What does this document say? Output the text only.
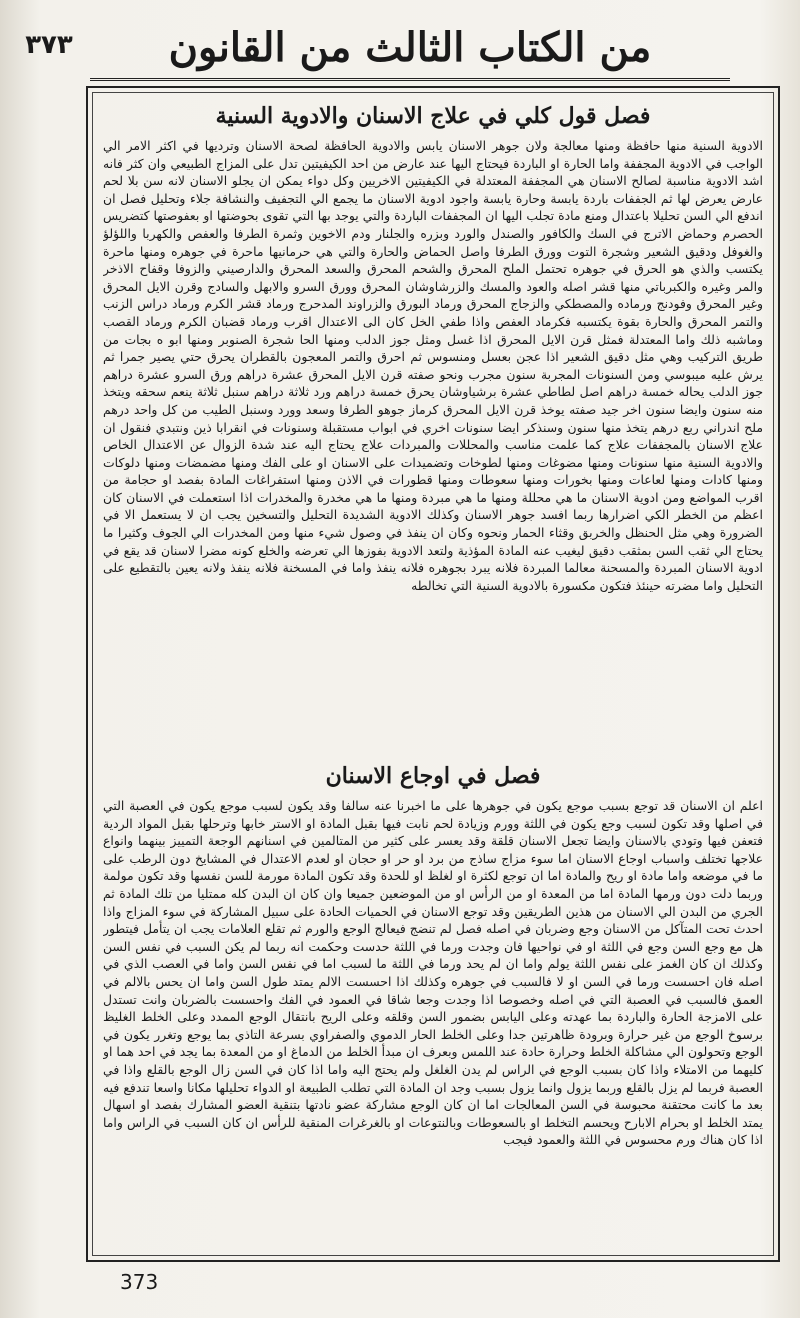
٣٧٣	من الكتاب الثالث من القانون
فصل قول كلي في علاج الاسنان والادوية السنية

الادوية السنية منها حافظة ومنها معالجة ولان جوهر الاسنان يابس والادوية الحافظة لصحة الاسنان وترديها في اكثر الامر الي الواجب في الادوية المجففة واما الحارة او الباردة فيحتاج اليها عند عارض من احد الكيفيتين تدل على المزاج الطبيعي وان كثر فانه اشد الادوية مناسبة لصالح الاسنان هي المجففة المعتدلة في الكيفيتين الاخريين وكل دواء يمكن ان يجلو الاسنان لانه سن بلا لحم عارض يعرض لها ثم الجففات باردة يابسة وحارة يابسة واجود ادوية الاسنان ما يجمع الي التجفيف والنشافة جلاء وتحليل فصل ان اندفع الي السن تحليلا باعتدال ومنع مادة تجلب اليها ان المجففات الباردة والتي يوجد بها التي تقوى بحوضتها او بعفوصتها كتضريس الحصرم وحماض الاترج في السك والكافور والصندل والورد وبزره والجلنار ودم الاخوين وثمرة الطرفا والعفص والكهربا واللؤلؤ والغوفل ودقيق الشعير وشجرة التوت وورق الطرفا واصل الحماض والحارة والتي هي حرمانيها ماحرة في جوهره ومنها ماحرة يكتسب والذي هو الحرق في جوهره تحتمل الملح المحرق والشحم المحرق والسعد المحرق والدارصيني والزوفا وقفاح الاذخر والمر وغيره والكبرباتي منها قشر اصله والعود والمسك والزرشاوشان المحرق وورق السرو والابهل والسادج وقرن الايل المحرق وغير المحرق وفودنج ورماده والمصطكي والزجاج المحرق ورماد البورق والزراوند المدحرج ورماد قشر الكرم ورماد دراس الزنب والتمر المحرق والحارة بقوة يكتسبه فكرماد العفص واذا طفي الخل كان الى الاعتدال اقرب ورماد قضبان الكرم ورماد القصب وماشبه ذلك واما المعتدلة فمثل قرن الايل المحرق اذا غسل ومثل جوز الدلب ومنها الحا شجرة الصنوبر ومنها ابو ه بجات من طريق التركيب وهي مثل دقيق الشعير اذا عجن بعسل ومنسوس ثم احرق والتمر المعجون بالقطران يحرق حتي يصير جمرا ثم يرش عليه ميبوسي ومن السنونات المجربة سنون مجرب ونحو صفته قرن الايل المحرق عشرة دراهم ورق السرو عشرة دراهم جوز الدلب يحاله خمسة دراهم اصل لطاطي عشرة برشياوشان يحرق خمسة دراهم ورد ثلاثة دراهم سنبل ثلاثة ينعم سحقه ويتخذ منه سنون وايضا سنون اخر جيد صفته يوخذ قرن الايل المحرق كرماز جوهو الطرفا وسعد وورد وسنبل الطيب من كل واحد درهم ملح اندراني ربع درهم يتخذ منها سنون وسنذكر ايضا سنونات اخري في ابواب مستقبلة وسنونات في انقرابا ذين ونتبدي فنقول ان علاج الاسنان بالمجففات علاج كما علمت مناسب والمحللات والمبردات علاج يحتاج اليه عند شدة الزوال عن الاعتدال الخاص والادوية السنية منها سنونات ومنها مضوغات ومنها لطوخات وتضميدات على الاسنان او على الفك ومنها مضمضات ومنها دلوكات ومنها كادات ومنها لعاعات ومنها بخورات ومنها سعوطات ومنها قطورات في الاذن ومنها استفراغات المادة بفصد او حجامة من اقرب المواضع ومن ادوية الاسنان ما هي محللة ومنها ما هي مبردة ومنها ما هي مخدرة والمخدرات اذا استعملت في الاسنان كان اعظم من الخطر الكي اضرارها ربما افسد جوهر الاسنان وكذلك الادوية الشديدة التحليل والتسخين يجب ان لا يستعمل الا في الضرورة وهي مثل الحنظل والخربق وقثاء الحمار ونحوه وكان ان ينفذ في وصول شيء منها ومن المخدرات الي الجوف وكثيرا ما يحتاج الي ثقب السن بمثقب دقيق ليغيب عنه المادة المؤذية ولتعد الادوية بفوزها الي تعرضه والخلع كونه مضرا لاسنان قد يقع في ادوية الاسنان المبردة والمسحنة معالما المبردة فلانه يبرد بجوهره فلانه ينفذ واما في المسخنة فلانه ينفذ ولانه يعين بالتقطيع على التحليل واما مضرته حينئذ فتكون مكسورة بالادوية السنية التي تخالطه

فصل في اوجاع الاسنان

اعلم ان الاسنان قد توجع بسبب موجع يكون في جوهرها على ما اخبرنا عنه سالفا وقد يكون لسبب موجع يكون في العصبة التي في اصلها وقد تكون لسبب وجع يكون في اللثة وورم وزيادة لحم نابت فيها بقبل المادة او الاستر خابها وترحلها بقبل المواد الردية فتعفن فيها وتودي بالاسنان وايضا تجعل الاسنان قلقة وقد يعسر على كثير من المتالمين في اسنانهم الوجعة التمييز بينهما وانواع علاجها تختلف واسباب اوجاع الاسنان اما سوء مزاج ساذج من برد او حر او حجان او لعدم الاعتدال في المشايخ دون الرطب على ما في موضعه واما مادة او ريح والمادة اما ان توجع لكثرة او لغلظ او للحدة وقد تكون المادة مورمة للسن نفسها وقد تكون مولمة وربما دلت دون ورمها المادة اما من المعدة او من الرأس او من الموضعين جميعا وان كان ان البدن كله ممتليا من تلك المادة ثم الجري من البدن الي الاسنان من هذين الطريقين وقد توجع الاسنان في الحميات الحادة على سبيل المشاركة في سوء المزاج واذا احدث تحت المتآكل من الاسنان وجع وضربان في اصله فصل لم تنضج فيعالج الوجع والورم ثم تقلع العلامات يجب ان يتأمل فيتطور هل مع وجع السن وجع في اللثة او في نواحيها فان وجدت ورما في اللثة حدست وحكمت انه ربما لم يكن السبب في نفس السن وكذلك ان كان الغمز على نفس اللثة يولم واما ان لم يحد ورما في اللثة ما لسبب اما في نفس السن واما في العصب الذي في اصله فان احسست ورما في السن او لا فالسبب في جوهره وكذلك اذا احسست الالم يمتد طول السن واما ان يحس بالالم في العمق فالسبب في العصبة التي في اصله وخصوصا اذا وجدت وجعا شاقا في العمود في الفك واحسست بالضربان وانت تستدل على الامزجة الحارة والباردة بما عهدته وعلى اليابس بضمور السن وقلقه وعلى الريح بانتقال الوجع الممدد وعلى الخلط الغليظ برسوخ الوجع من غير حرارة وبرودة ظاهرتين جدا وعلى الخلط الحار الدموي والصفراوي بسرعة التاذي بما يوجع وتغرر يكون في الوجع وتحولون الي مشاكلة الخلط وحرارة حادة عند اللمس وبعرف ان مبدأ الخلط من الدماغ او من المعدة بما يجد في احد هما او كليهما من الامتلاء واذا كان بسبب الوجع في الراس لم يدن الغلغل ولم يحتج اليه واما اذا كان في السن زال الوجع بالقلع واذا في العصبة فربما لم يزل بالقلع وربما يزول وانما يزول بسبب وجد ان المادة التي تطلب الطبيعة او الدواء تحليلها مكانا واسعا تندفع فيه بعد ما كانت محتقنة محبوسة في السن المعالجات اما ان كان الوجع مشاركة عضو نادتها بتنقية العضو المشارك بفصد او اسهال يمتد الخلط او بحرام الابارح ويحسم التخلط او بالسعوطات وبالنتوعات او بالغرغرات المنقية للرأس ان كان السبب في الراس واما اذا كان هناك ورم محسوس في اللثة والعمود فيجب

373
